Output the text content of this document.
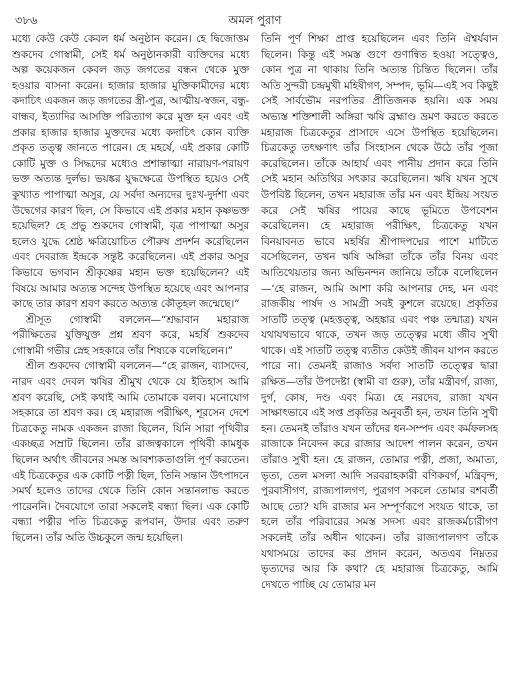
৩৮৬	অমল পুরাণ

মধ্যে কেউ কেউ কেবল ধর্ম অনুষ্ঠান করেন। হে দ্বিজোত্তম শুকদেব গোস্বামী, সেই ধর্ম অনুষ্ঠানকারী ব্যক্তিদের মধ্যে অল্প কয়েকজন কেবল জড় জগতের বন্ধন থেকে মুক্ত হওয়ার বাসনা করেন। হাজার হাজার মুক্তিকামীদের মধ্যে কদাচিৎ একজন জড় জগতের স্ত্রী-পুত্র, আত্মীয়-স্বজন, বন্ধু-বান্ধব, ইত্যাদির আসক্তি পরিত্যাগ করে মুক্ত হন এবং এই প্রকার হাজার হাজার মুক্তদের মধ্যে কদাচিৎ কোন ব্যক্তি প্রকৃত তত্ত্ব জানতে পারেন। হে মহর্ষে, এই প্রকার কোটি কোটি মুক্ত ও সিদ্ধদের মধ্যেও প্রশান্তাত্মা নারায়ণ-পরায়ণ ভক্ত অত্যন্ত দুর্লভ। ভয়ঙ্কর যুদ্ধক্ষেত্রে উপস্থিত হয়েও সেই কুখ্যাত পাপাত্মা অসুর, যে সর্বদা অন্যদের দুঃখ-দুর্দশা এবং উদ্বেগের কারণ ছিল, সে কিভাবে এই প্রকার মহান কৃষ্ণভক্ত হয়েছিল? হে প্রভু শুকদেব গোস্বামী, বৃত্র পাপাত্মা অসুর হলেও যুদ্ধে শ্রেষ্ঠ ক্ষত্রিয়োচিত পৌরুষ প্রদর্শন করেছিলেন এবং দেবরাজ ইন্দ্রকে সন্তুষ্ট করেছিলেন। এই প্রকার অসুর কিভাবে ভগবান শ্রীকৃষ্ণের মহান ভক্ত হয়েছিলেন? এই বিষয়ে আমার অত্যন্ত সন্দেহ উপস্থিত হয়েছে এবং আপনার কাছে তার কারণ শ্রবণ করতে অত্যন্ত কৌতূহল জন্মেছে।”

শ্রীসূত গোস্বামী বললেন—“শ্রদ্ধাবান মহারাজ পরীক্ষিতের যুক্তিযুক্ত প্রশ্ন শ্রবণ করে, মহর্ষি শুকদেব গোস্বামী গভীর স্নেহ সহকারে তাঁর শিষ্যকে বলেছিলেন।”

শ্রীল শুকদেব গোস্বামী বললেন—“হে রাজন, ব্যাসদেব, নারদ এবং দেবল ঋষির শ্রীমুখ থেকে যে ইতিহাস আমি শ্রবণ করেছি, সেই কথাই আমি তোমাকে বলব। মনোযোগ সহকারে তা শ্রবণ কর। হে মহারাজ পরীক্ষিৎ, শূরসেন দেশে চিত্রকেতু নামক একজন রাজা ছিলেন, যিনি সারা পৃথিবীর একচ্ছত্র সম্রাট ছিলেন। তাঁর রাজত্বকালে পৃথিবী কামধুক ছিলেন অর্থাৎ জীবনের সমস্ত আবশ্যকতাগুলি পূর্ণ করতেন। এই চিত্রকেতুর এক কোটি পত্নী ছিল, তিনি সন্তান উৎপাদনে সমর্থ হলেও তাদের থেকে তিনি কোন সন্তানলাভ করতে পারেননি। দৈবযোগে তারা সকলেই বন্ধ্যা ছিল। এক কোটি বন্ধ্যা পত্নীর পতি চিত্রকেতু রূপবান, উদার এবং তরুণ ছিলেন। তাঁর অতি উচ্চকুলে জন্ম হয়েছিল।

তিনি পূর্ণ শিক্ষা প্রাপ্ত হয়েছিলেন এবং তিনি ঐশ্বর্যবান ছিলেন। কিন্তু এই সমস্ত গুণে গুণান্বিত হওয়া সত্ত্বেও, কোন পুত্র না থাকায় তিনি অত্যন্ত চিন্তিত ছিলেন। তাঁর অতি সুন্দরী চন্দ্রমুখী মহিষীগণ, সম্পদ, ভূমি—এই সব কিছুই সেই সার্বভৌম নরপতির প্রীতিজনক হয়নি। এক সময় অভ্যস্ত শক্তিশালী অঙ্গিরা ঋষি ব্রহ্মাণ্ড ভ্রমণ করতে করতে মহারাজ চিত্রকেতুর প্রাসাদে এসে উপস্থিত হয়েছিলেন। চিত্রকেতু তৎক্ষণাৎ তাঁর সিংহাসন থেকে উঠে তাঁর পূজা করেছিলেন। তাঁকে আহার্য এবং পানীয় প্রদান করে তিনি সেই মহান অতিথির সৎকার করেছিলেন। ঋষি যখন সুখে উপবিষ্ট ছিলেন, তখন মহারাজ তাঁর মন এবং ইন্দ্রিয় সংযত করে সেই ঋষির পায়ের কাছে ভূমিতে উপবেশন করেছিলেন। হে মহারাজ পরীক্ষিৎ, চিত্রকেতু যখন বিনয়াবনত ভাবে মহর্ষির শ্রীপাদপদ্মের পাশে মাটিতে বসেছিলেন, তখন ঋষি অঙ্গিরা তাঁকে তাঁর বিনয় এবং আতিথেয়তার জন্য অভিনন্দন জানিয়ে তাঁকে বলেছিলেন—‘হে রাজন, আমি আশা করি আপনার দেহ, মন এবং রাজকীয় পার্ষদ ও সামগ্রী সবই কুশলে রয়েছে। প্রকৃতির সাতটি তত্ত্ব (মহত্তত্ত্ব, অহঙ্কার এবং পঞ্চ তন্মাত্র) যখন যথাযথভাবে থাকে, তখন জড় তত্ত্বের মধ্যে জীব সুখী থাকে। এই সাতটি তত্ত্ব ব্যতীত কেউই জীবন যাপন করতে পারে না। তেমনই রাজাও সর্বদা সাতটি তত্ত্বের দ্বারা রক্ষিত—তাঁর উপদেষ্টা (স্বামী বা গুরু), তাঁর মন্ত্রীবর্গ, রাজ্য, দুর্গ, কোষ, দণ্ড এবং মিত্র। হে নরদেব, রাজা যখন সাক্ষাৎভাবে এই সপ্ত প্রকৃতির অনুবর্তী হন, তখন তিনি সুখী হন। তেমনই তাঁরাও যখন তাঁদের ধন-সম্পদ এবং কর্মফলসহ রাজাকে নিবেদন করে রাজার আদেশ পালন করেন, তখন তাঁরাও সুখী হন। হে রাজন, তোমার পত্নী, প্রজা, অমাত্য, ভৃত্য, তেল মসলা আদি সরবরাহকারী বণিকবর্গ, মন্ত্রিবৃন্দ, পুরবাসীগণ, রাজ্যপালগণ, পুত্রগণ সকলে তোমার বশবর্তী আছে তো? যদি রাজার মন সম্পূর্ণরূপে সংযত থাকে, তা হলে তাঁর পরিবারের সমস্ত সদস্য এবং রাজকর্মচারীগণ সকলেই তাঁর অধীন থাকেন। তাঁর রাজ্যপালগণ তাঁকে যথাসময়ে তাদের কর প্রদান করেন, অতএব নিম্নতর ভৃত্যদের আর কি কথা? হে মহারাজ চিত্রকেতু, আমি দেখতে পাচ্ছি যে তোমার মন
